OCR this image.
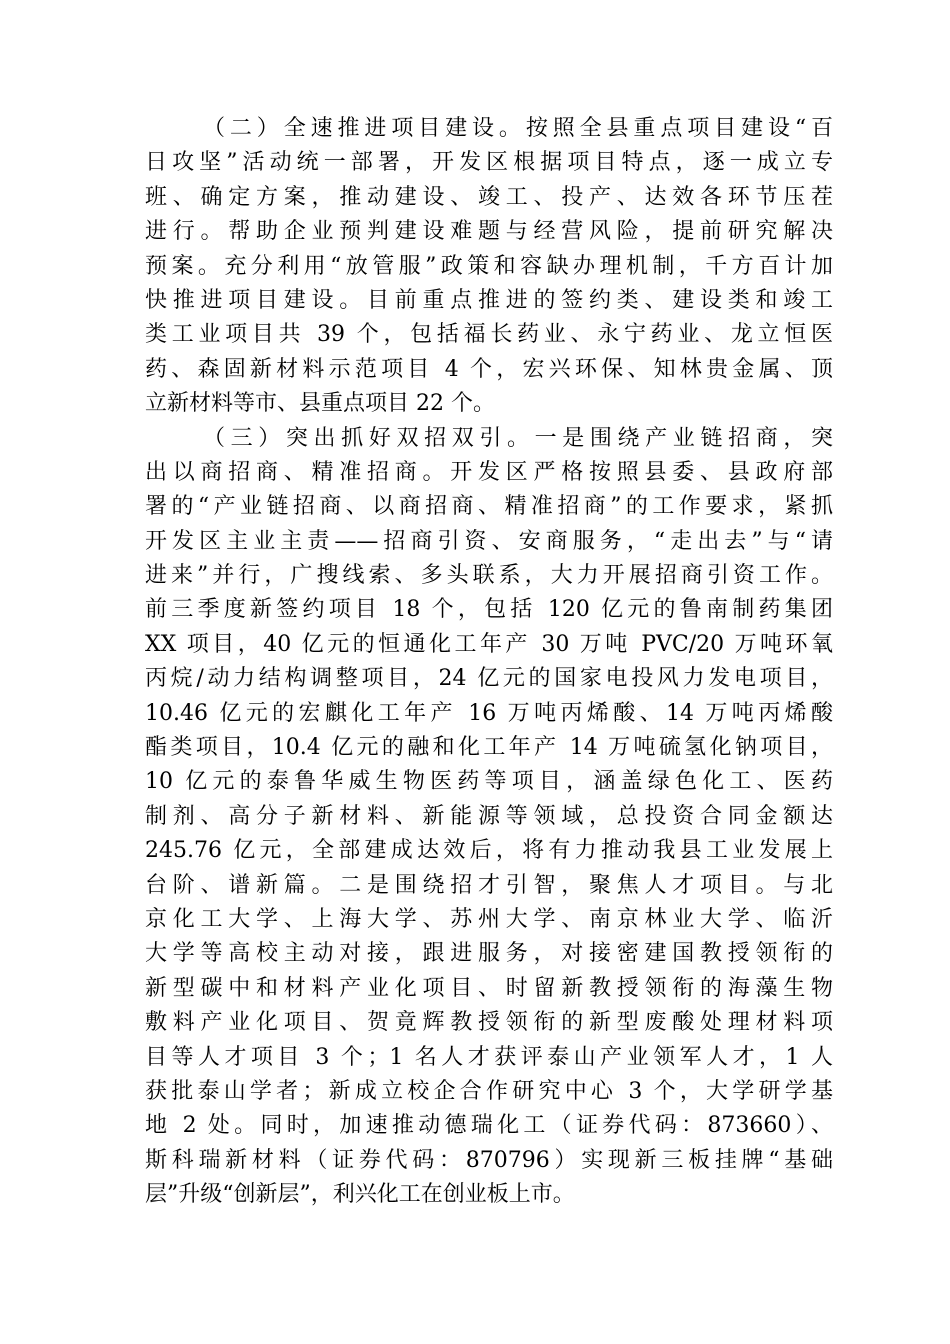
（二）全速推进项目建设。按照全县重点项目建设“百
日攻坚”活动统一部署，开发区根据项目特点，逐一成立专
班、确定方案，推动建设、竣工、投产、达效各环节压茬
进行。帮助企业预判建设难题与经营风险，提前研究解决
预案。充分利用“放管服”政策和容缺办理机制，千方百计加
快推进项目建设。目前重点推进的签约类、建设类和竣工
类工业项目共 39 个，包括福长药业、永宁药业、龙立恒医
药、森固新材料示范项目 4 个，宏兴环保、知林贵金属、顶
立新材料等市、县重点项目 22 个。
（三）突出抓好双招双引。一是围绕产业链招商，突
出以商招商、精准招商。开发区严格按照县委、县政府部
署的“产业链招商、以商招商、精准招商”的工作要求，紧抓
开发区主业主责——招商引资、安商服务，“走出去”与“请
进来”并行，广搜线索、多头联系，大力开展招商引资工作。
前三季度新签约项目 18 个，包括 120 亿元的鲁南制药集团
XX 项目，40 亿元的恒通化工年产 30 万吨 PVC/20 万吨环氧
丙烷/动力结构调整项目，24 亿元的国家电投风力发电项目，
10.46 亿元的宏麒化工年产 16 万吨丙烯酸、14 万吨丙烯酸
酯类项目，10.4 亿元的融和化工年产 14 万吨硫氢化钠项目，
10 亿元的泰鲁华威生物医药等项目，涵盖绿色化工、医药
制剂、高分子新材料、新能源等领域，总投资合同金额达
245.76 亿元，全部建成达效后，将有力推动我县工业发展上
台阶、谱新篇。二是围绕招才引智，聚焦人才项目。与北
京化工大学、上海大学、苏州大学、南京林业大学、临沂
大学等高校主动对接，跟进服务，对接密建国教授领衔的
新型碳中和材料产业化项目、时留新教授领衔的海藻生物
敷料产业化项目、贺竟辉教授领衔的新型废酸处理材料项
目等人才项目 3 个；1 名人才获评泰山产业领军人才，1 人
获批泰山学者；新成立校企合作研究中心 3 个，大学研学基
地 2 处。同时，加速推动德瑞化工（证券代码：873660）、
斯科瑞新材料（证券代码：870796）实现新三板挂牌“基础
层”升级“创新层”，利兴化工在创业板上市。
